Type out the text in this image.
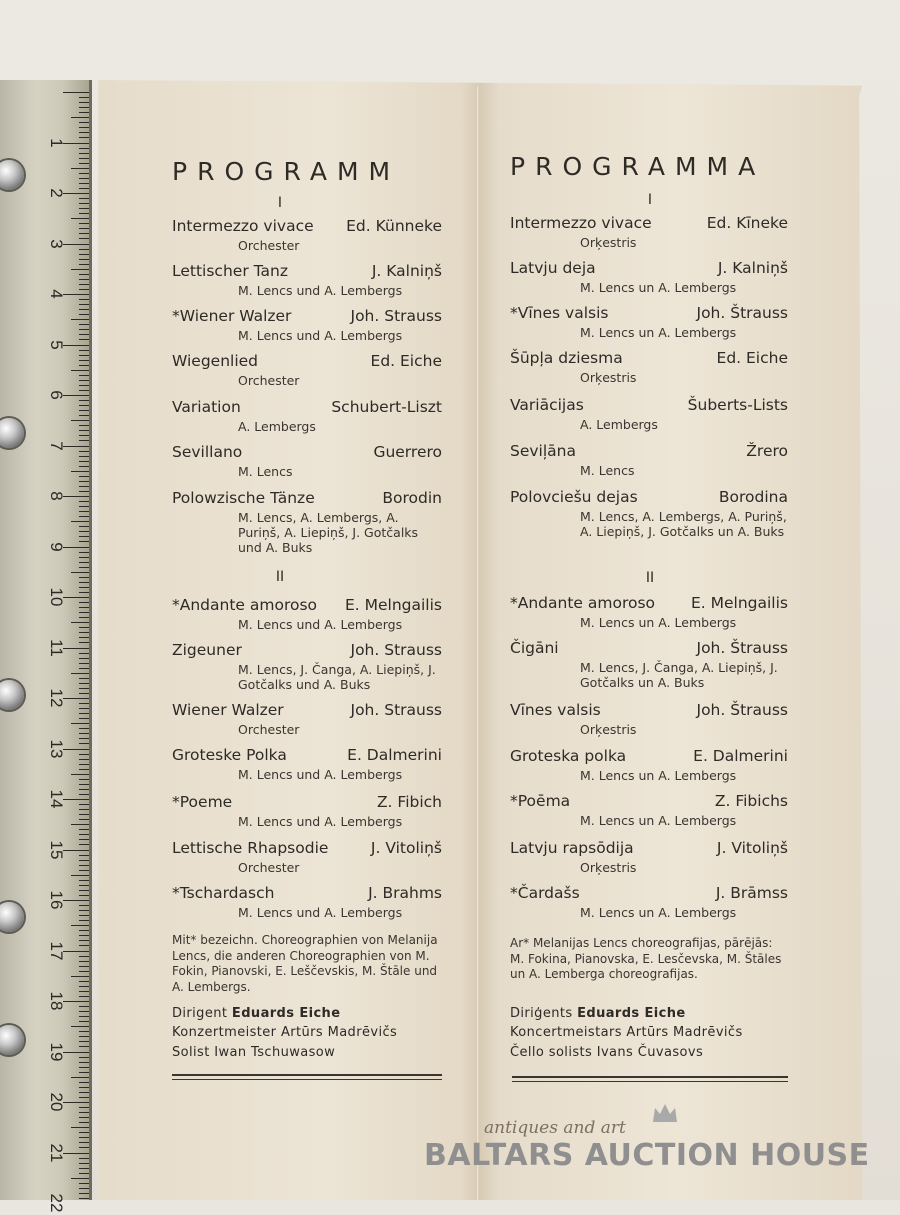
1
2
3
4
5
6
7
8
9
10
11
12
13
14
15
16
17
18
19
20
21
22
PROGRAMM
I
II
Mit* bezeichn. Choreographien von Melanija Lencs, die anderen Choreographien von M. Fokin, Pianovski, E. Leščevskis, M. Štāle und A. Lembergs.
Dirigent Eduards Eiche
Konzertmeister Artūrs Madrēvičs
Solist Iwan Tschuwasow
Intermezzo vivace Ed. Künneke
Orchester
Lettischer Tanz	J. Kalniņš
M. Lencs und A. Lembergs
*Wiener Walzer	Joh. Strauss
M. Lencs und A. Lembergs
Wiegenlied	Ed. Eiche
Orchester
Variation	Schubert-Liszt
A. Lembergs
Sevillano	Guerrero
M. Lencs
Polowzische Tänze	Borodin
M. Lencs, A. Lembergs, A. Puriņš, A. Liepiņš, J. Gotčalks und A. Buks
*Andante amoroso E. Melngailis
M. Lencs und A. Lembergs
Zigeuner	Joh. Strauss
M. Lencs, J. Čanga, A. Liepiņš, J. Gotčalks und A. Buks
Wiener Walzer	Joh. Strauss
Orchester
Groteske Polka	E. Dalmerini
M. Lencs und A. Lembergs
*Poeme	Z. Fibich
M. Lencs und A. Lembergs
Lettische Rhapsodie	J. Vitoliņš
Orchester
*Tschardasch	J. Brahms
M. Lencs und A. Lembergs
PROGRAMMA
I
II
Ar* Melanijas Lencs choreografijas, pārējās: M. Fokina, Pianovska, E. Lesčevska, M. Štāles un A. Lemberga choreografijas.
Diriģents Eduards Eiche
Koncertmeistars Artūrs Madrēvičs
Čello solists Ivans Čuvasovs
Intermezzo vivace	Ed. Kīneke
Orķestris
Latvju deja	J. Kalniņš
M. Lencs un A. Lembergs
*Vīnes valsis	Joh. Štrauss
M. Lencs un A. Lembergs
Šūpļa dziesma	Ed. Eiche
Orķestris
Variācijas	Šuberts-Lists
A. Lembergs
Seviļāna	Žrero
M. Lencs
Polovciešu dejas	Borodina
M. Lencs, A. Lembergs, A. Puriņš, A. Liepiņš, J. Gotčalks un A. Buks
*Andante amoroso E. Melngailis
M. Lencs un A. Lembergs
Čigāni	Joh. Štrauss
M. Lencs, J. Čanga, A. Liepiņš, J. Gotčalks un A. Buks
Vīnes valsis	Joh. Štrauss
Orķestris
Groteska polka	E. Dalmerini
M. Lencs un A. Lembergs
*Poēma	Z. Fibichs
M. Lencs un A. Lembergs
Latvju rapsōdija	J. Vitoliņš
Orķestris
*Čardašs	J. Brāmss
M. Lencs un A. Lembergs
antiques and art
BALTARS AUCTION HOUSE
